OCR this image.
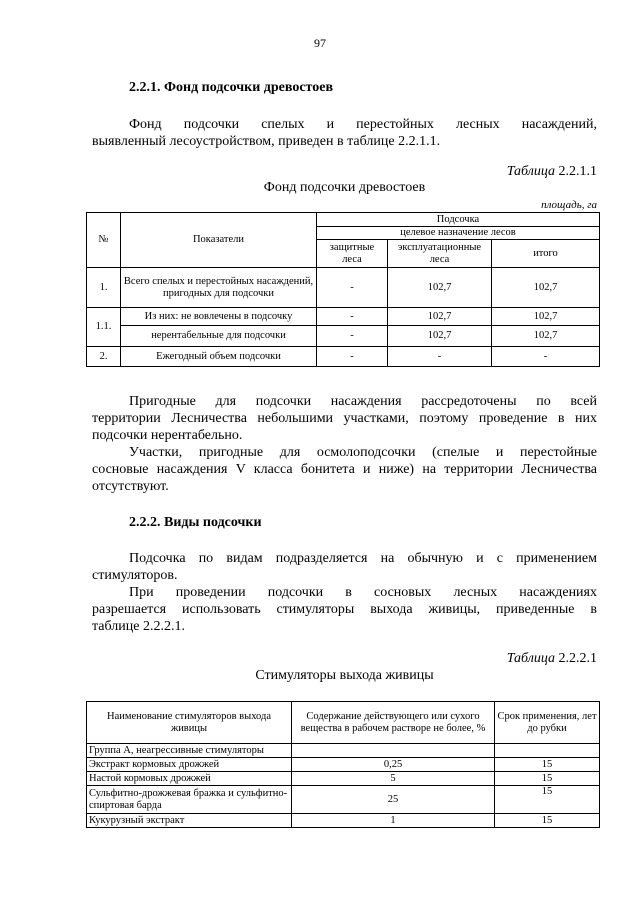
97
2.2.1. Фонд подсочки древостоев
Фонд подсочки спелых и перестойных лесных насаждений,
выявленный лесоустройством, приведен в таблице 2.2.1.1.
Таблица 2.2.1.1
Фонд подсочки древостоев
площадь, га
№	Показатели	Подсочка		
		целевое назначение лесов		
		защитные леса	эксплуатационные леса	итого
1.	Всего спелых и перестойных насаждений, пригодных для подсочки	-	102,7	102,7
1.1.	Из них: не вовлечены в подсочку	-	102,7	102,7
	нерентабельные для подсочки	-	102,7	102,7
2.	Ежегодный объем подсочки	-	-	-
Пригодные для подсочки насаждения рассредоточены по всей
территории Лесничества небольшими участками, поэтому проведение в них
подсочки нерентабельно.
Участки, пригодные для осмолоподсочки (спелые и перестойные
сосновые насаждения V класса бонитета и ниже) на территории Лесничества
отсутствуют.
2.2.2. Виды подсочки
Подсочка по видам подразделяется на обычную и с применением
стимуляторов.
При проведении подсочки в сосновых лесных насаждениях
разрешается использовать стимуляторы выхода живицы, приведенные в
таблице 2.2.2.1.
Таблица 2.2.2.1
Стимуляторы выхода живицы
Наименование стимуляторов выхода живицы	Содержание действующего или сухого вещества в рабочем растворе не более, %	Срок применения, лет до рубки
Группа А, неагрессивные стимуляторы		
Экстракт кормовых дрожжей	0,25	15
Настой кормовых дрожжей	5	15
Сульфитно-дрожжевая бражка и сульфитно-спиртовая барда	25	15
Кукурузный экстракт	1	15
